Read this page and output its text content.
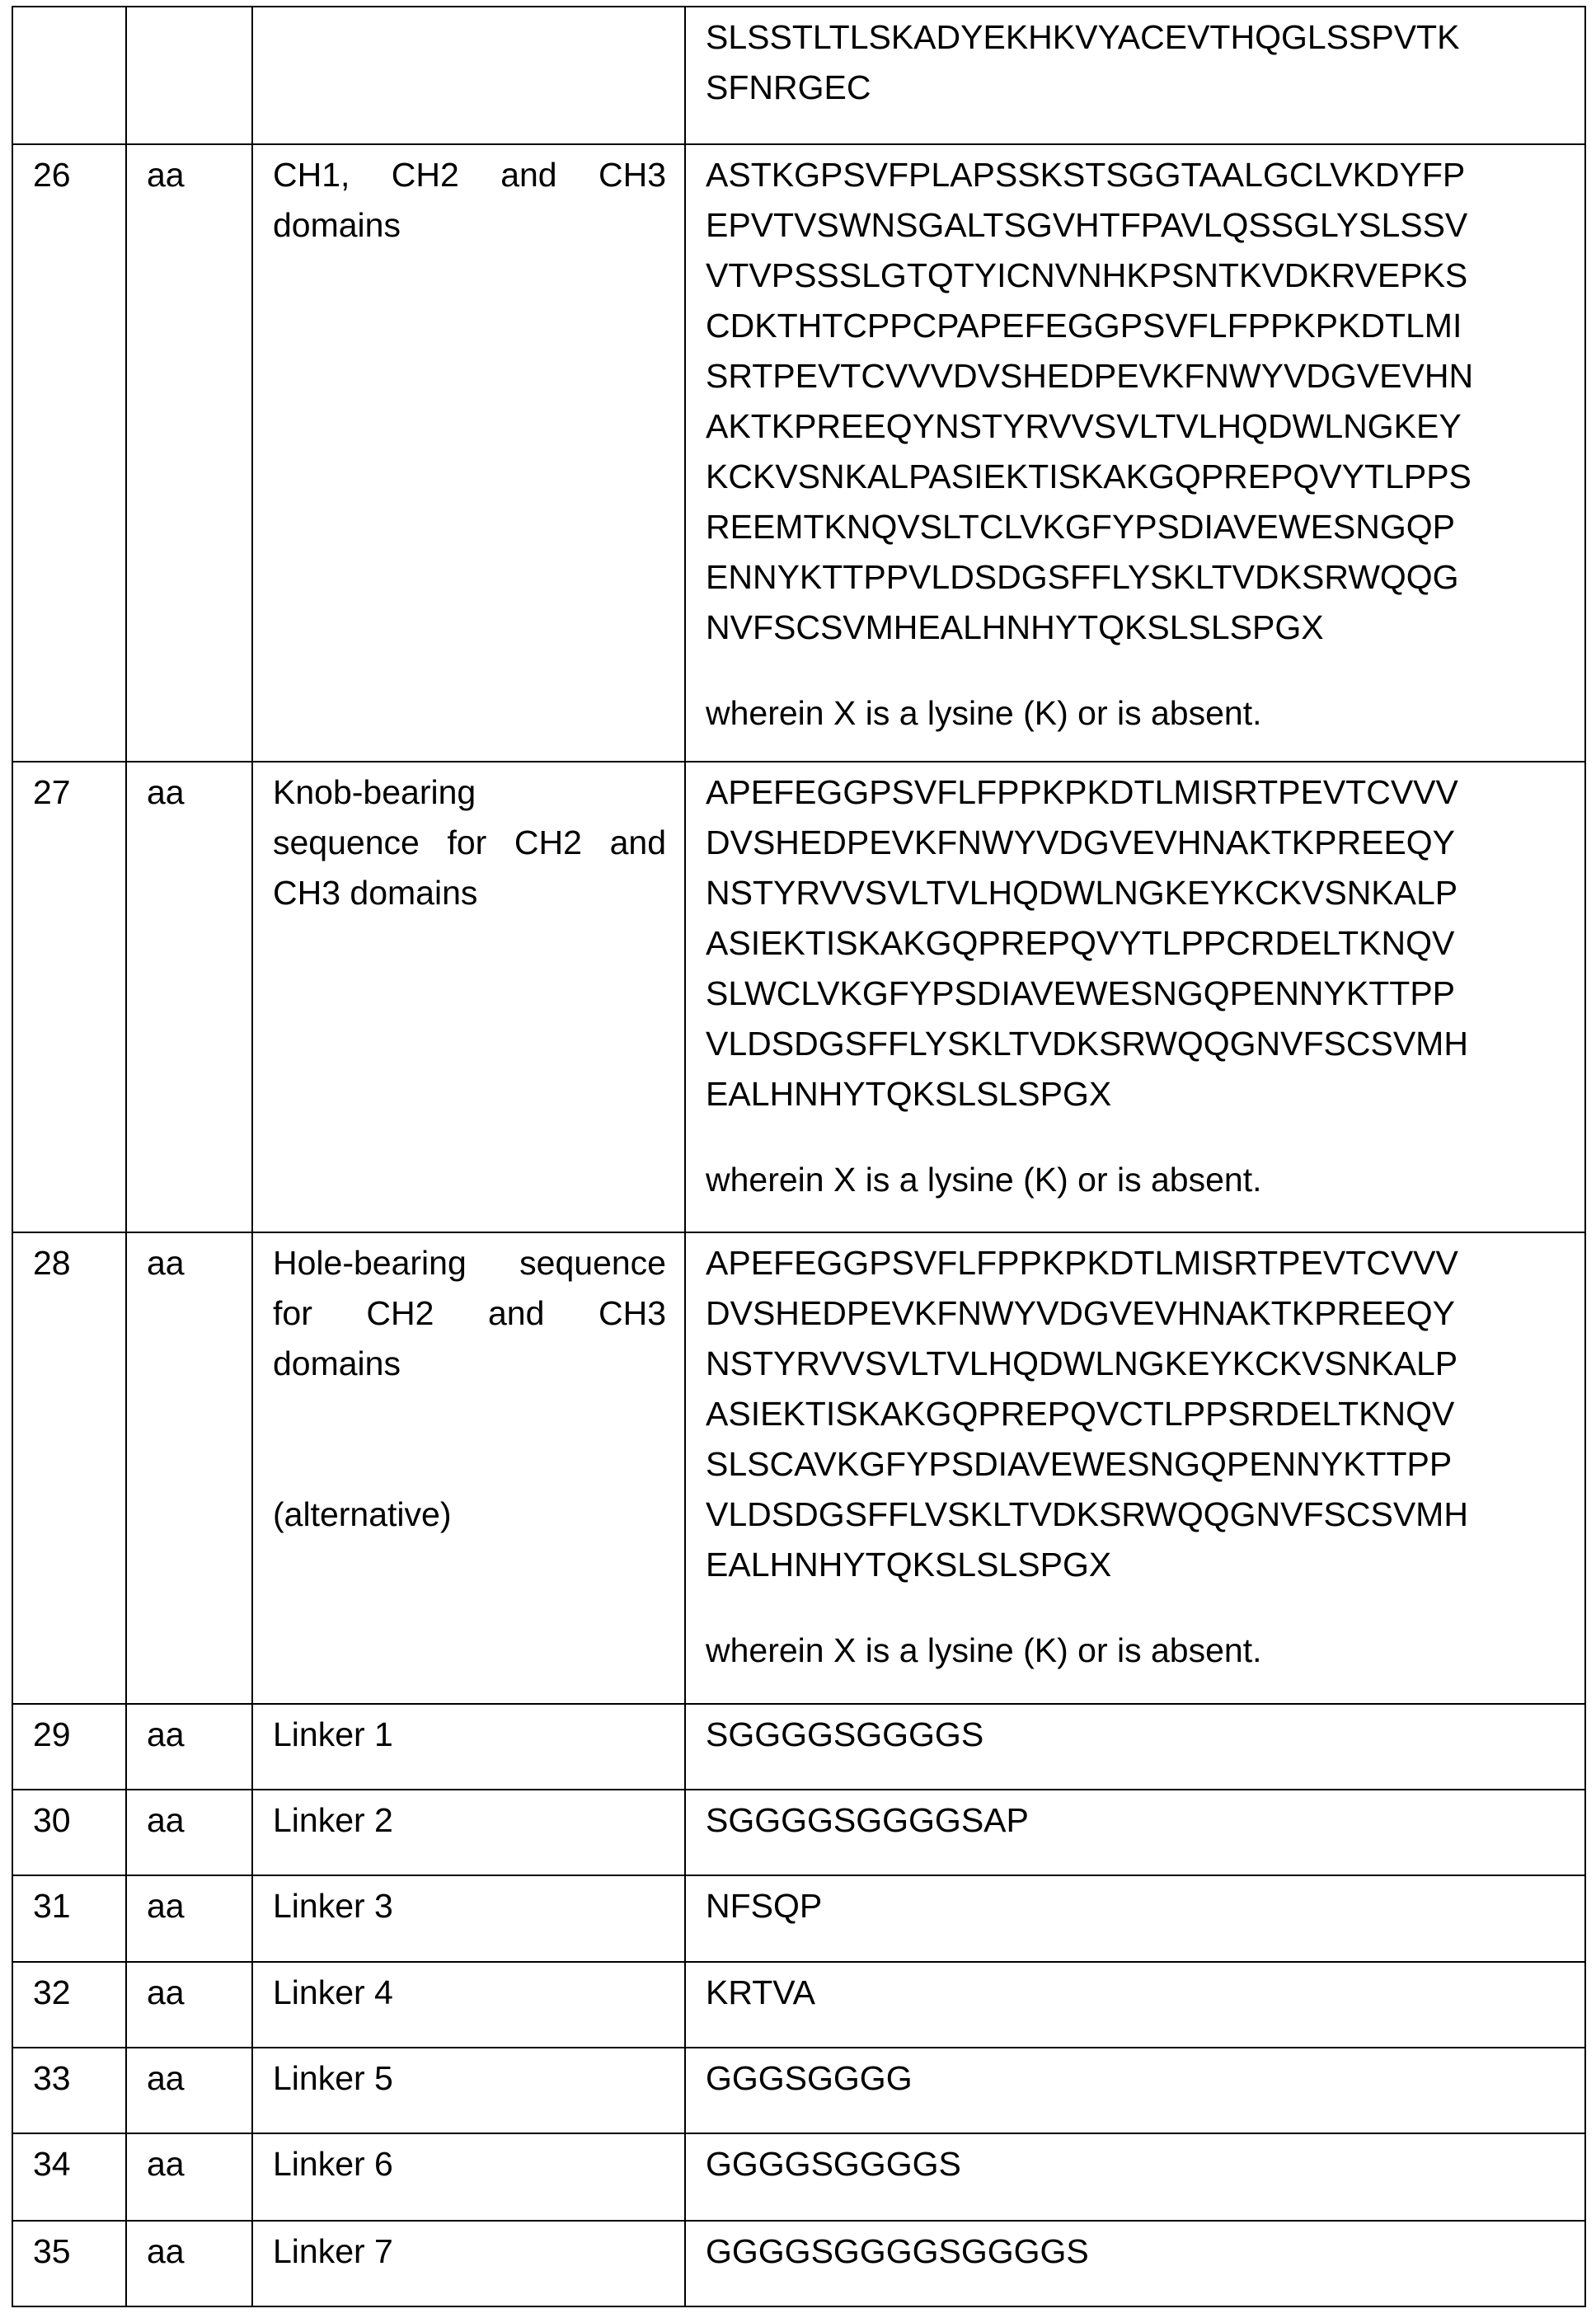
SLSSTLTLSKADYEKHKVYACEVTHQGLSSPVTK
SFNRGEC

26	aa	CH1, CH2 and CH3
domains

ASTKGPSVFPLAPSSKSTSGGTAALGCLVKDYFP
EPVTVSWNSGALTSGVHTFPAVLQSSGLYSLSSV
VTVPSSSLGTQTYICNVNHKPSNTKVDKRVEPKS
CDKTHTCPPCPAPEFEGGPSVFLFPPKPKDTLMI
SRTPEVTCVVVDVSHEDPEVKFNWYVDGVEVHN
AKTKPREEQYNSTYRVVSVLTVLHQDWLNGKEY
KCKVSNKALPASIEKTISKAKGQPREPQVYTLPPS
REEMTKNQVSLTCLVKGFYPSDIAVEWESNGQP
ENNYKTTPPVLDSDGSFFLYSKLTVDKSRWQQG
NVFSCSVMHEALHNHYTQKSLSLSPGX
wherein X is a lysine (K) or is absent.

27	aa	Knob-bearing
sequence for CH2 and
CH3 domains

APEFEGGPSVFLFPPKPKDTLMISRTPEVTCVVV
DVSHEDPEVKFNWYVDGVEVHNAKTKPREEQY
NSTYRVVSVLTVLHQDWLNGKEYKCKVSNKALP
ASIEKTISKAKGQPREPQVYTLPPCRDELTKNQV
SLWCLVKGFYPSDIAVEWESNGQPENNYKTTPP
VLDSDGSFFLYSKLTVDKSRWQQGNVFSCSVMH
EALHNHYTQKSLSLSPGX
wherein X is a lysine (K) or is absent.

28	aa	Hole-bearing sequence
for CH2 and CH3
domains
(alternative)

APEFEGGPSVFLFPPKPKDTLMISRTPEVTCVVV
DVSHEDPEVKFNWYVDGVEVHNAKTKPREEQY
NSTYRVVSVLTVLHQDWLNGKEYKCKVSNKALP
ASIEKTISKAKGQPREPQVCTLPPSRDELTKNQV
SLSCAVKGFYPSDIAVEWESNGQPENNYKTTPP
VLDSDGSFFLVSKLTVDKSRWQQGNVFSCSVMH
EALHNHYTQKSLSLSPGX
wherein X is a lysine (K) or is absent.

29	aa	Linker 1	SGGGGSGGGGS

30	aa	Linker 2	SGGGGSGGGGSAP

31	aa	Linker 3	NFSQP

32	aa	Linker 4	KRTVA

33	aa	Linker 5	GGGSGGGG

34	aa	Linker 6	GGGGSGGGGS

35	aa	Linker 7	GGGGSGGGGSGGGGS
